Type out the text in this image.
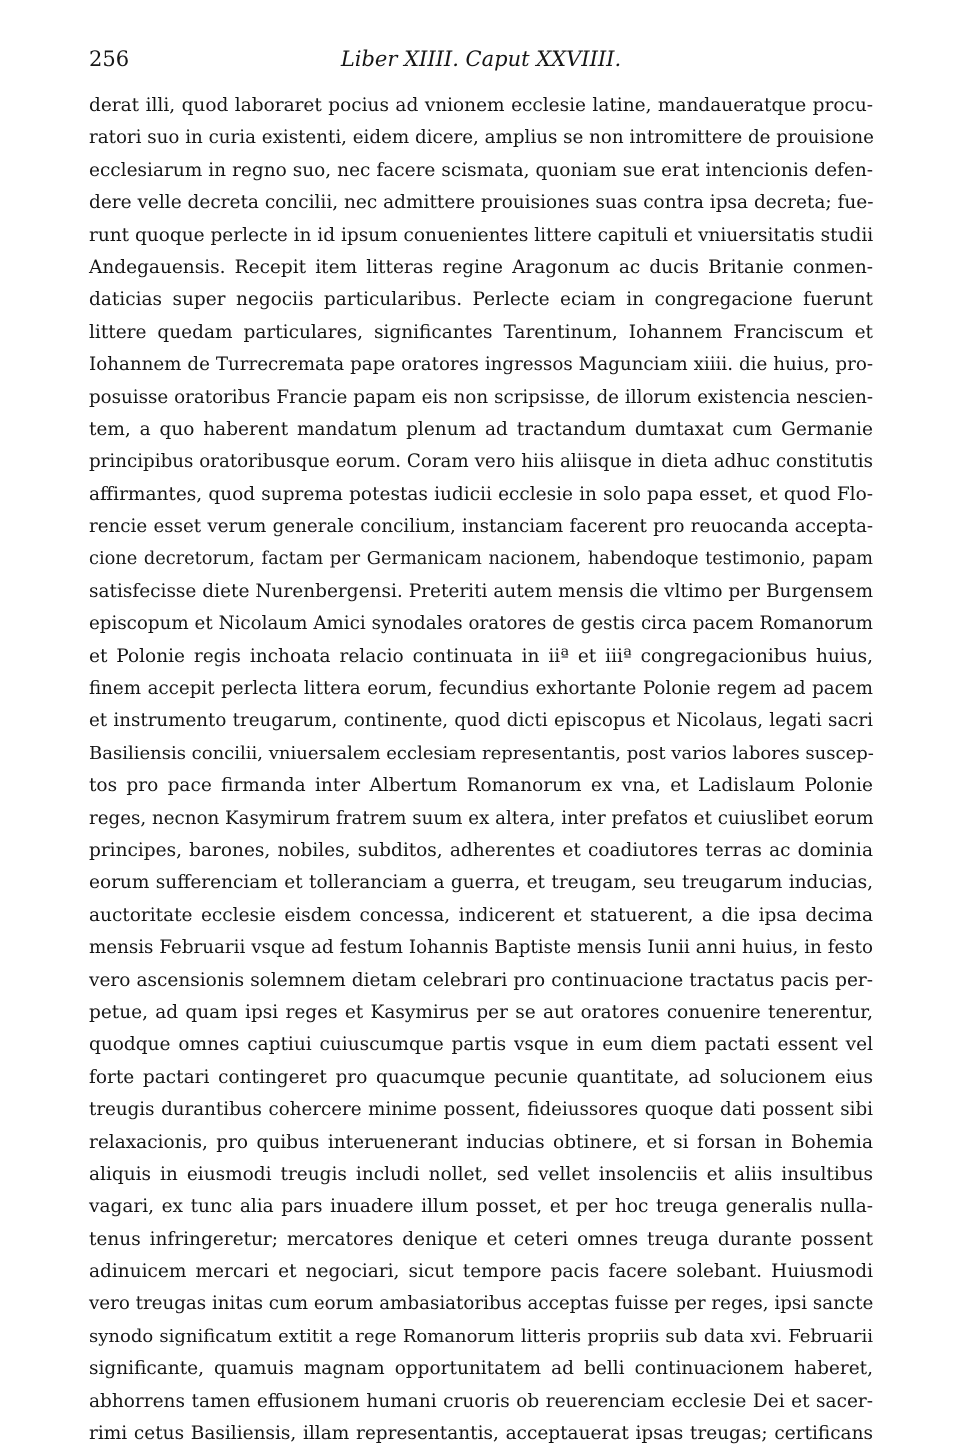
256	Liber XIIII. Caput XXVIIII.
derat illi, quod laboraret pocius ad vnionem ecclesie latine, mandaueratque procu-
ratori suo in curia existenti, eidem dicere, amplius se non intromittere de prouisione
ecclesiarum in regno suo, nec facere scismata, quoniam sue erat intencionis defen-
dere velle decreta concilii, nec admittere prouisiones suas contra ipsa decreta; fue-
runt quoque perlecte in id ipsum conuenientes littere capituli et vniuersitatis studii
Andegauensis. Recepit item litteras regine Aragonum ac ducis Britanie conmen-
daticias super negociis particularibus. Perlecte eciam in congregacione fuerunt
littere quedam particulares, significantes Tarentinum, Iohannem Franciscum et
Iohannem de Turrecremata pape oratores ingressos Magunciam xiiii. die huius, pro-
posuisse oratoribus Francie papam eis non scripsisse, de illorum existencia nescien-
tem, a quo haberent mandatum plenum ad tractandum dumtaxat cum Germanie
principibus oratoribusque eorum. Coram vero hiis aliisque in dieta adhuc constitutis
affirmantes, quod suprema potestas iudicii ecclesie in solo papa esset, et quod Flo-
rencie esset verum generale concilium, instanciam facerent pro reuocanda accepta-
cione decretorum, factam per Germanicam nacionem, habendoque testimonio, papam
satisfecisse diete Nurenbergensi. Preteriti autem mensis die vltimo per Burgensem
episcopum et Nicolaum Amici synodales oratores de gestis circa pacem Romanorum
et Polonie regis inchoata relacio continuata in iiª et iiiª congregacionibus huius,
finem accepit perlecta littera eorum, fecundius exhortante Polonie regem ad pacem
et instrumento treugarum, continente, quod dicti episcopus et Nicolaus, legati sacri
Basiliensis concilii, vniuersalem ecclesiam representantis, post varios labores suscep-
tos pro pace firmanda inter Albertum Romanorum ex vna, et Ladislaum Polonie
reges, necnon Kasymirum fratrem suum ex altera, inter prefatos et cuiuslibet eorum
principes, barones, nobiles, subditos, adherentes et coadiutores terras ac dominia
eorum sufferenciam et tolleranciam a guerra, et treugam, seu treugarum inducias,
auctoritate ecclesie eisdem concessa, indicerent et statuerent, a die ipsa decima
mensis Februarii vsque ad festum Iohannis Baptiste mensis Iunii anni huius, in festo
vero ascensionis solemnem dietam celebrari pro continuacione tractatus pacis per-
petue, ad quam ipsi reges et Kasymirus per se aut oratores conuenire tenerentur,
quodque omnes captiui cuiuscumque partis vsque in eum diem pactati essent vel
forte pactari contingeret pro quacumque pecunie quantitate, ad solucionem eius
treugis durantibus cohercere minime possent, fideiussores quoque dati possent sibi
relaxacionis, pro quibus interuenerant inducias obtinere, et si forsan in Bohemia
aliquis in eiusmodi treugis includi nollet, sed vellet insolenciis et aliis insultibus
vagari, ex tunc alia pars inuadere illum posset, et per hoc treuga generalis nulla-
tenus infringeretur; mercatores denique et ceteri omnes treuga durante possent
adinuicem mercari et negociari, sicut tempore pacis facere solebant. Huiusmodi
vero treugas initas cum eorum ambasiatoribus acceptas fuisse per reges, ipsi sancte
synodo significatum extitit a rege Romanorum litteris propriis sub data xvi. Februarii
significante, quamuis magnam opportunitatem ad belli continuacionem haberet,
abhorrens tamen effusionem humani cruoris ob reuerenciam ecclesie Dei et sacer-
rimi cetus Basiliensis, illam representantis, acceptauerat ipsas treugas; certificans
